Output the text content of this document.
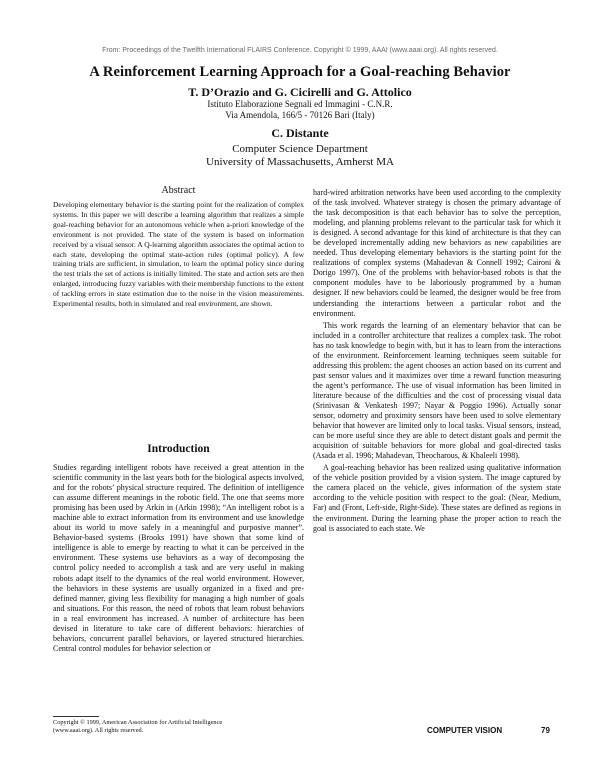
From: Proceedings of the Twelfth International FLAIRS Conference. Copyright © 1999, AAAI (www.aaai.org). All rights reserved.
A Reinforcement Learning Approach for a Goal-reaching Behavior
T. D’Orazio and G. Cicirelli and G. Attolico
Istituto Elaborazione Segnali ed Immagini - C.N.R.
Via Amendola, 166/5 - 70126 Bari (Italy)
C. Distante
Computer Science Department
University of Massachusetts, Amherst MA
Abstract

Developing elementary behavior is the starting point for the realization of complex systems. In this paper we will describe a learning algorithm that realizes a simple goal-reaching behavior for an autonomous vehicle when a-priori knowledge of the environment is not provided. The state of the system is based on information received by a visual sensor. A Q-learning algorithm associates the optimal action to each state, developing the optimal state-action rules (optimal policy). A few training trials are sufficient, in simulation, to learn the optimal policy since during the test trials the set of actions is initially limited. The state and action sets are then enlarged, introducing fuzzy variables with their membership functions to the extent of tackling errors in state estimation due to the noise in the vision measurements. Experimental results, both in simulated and real environment, are shown.

Introduction

Studies regarding intelligent robots have received a great attention in the scientific community in the last years both for the biological aspects involved, and for the robots’ physical structure required. The definition of intelligence can assume different meanings in the robotic field. The one that seems more promising has been used by Arkin in (Arkin 1998); “An intelligent robot is a machine able to extract information from its environment and use knowledge about its world to move safely in a meaningful and purposive manner”. Behavior-based systems (Brooks 1991) have shown that some kind of intelligence is able to emerge by reacting to what it can be perceived in the environment. These systems use behaviors as a way of decomposing the control policy needed to accomplish a task and are very useful in making robots adapt itself to the dynamics of the real world environment. However, the behaviors in these systems are usually organized in a fixed and pre-defined manner, giving less flexibility for managing a high number of goals and situations. For this reason, the need of robots that learn robust behaviors in a real environment has increased. A number of architecture has been devised in literature to take care of different behaviors: hierarchies of behaviors, concurrent parallel behaviors, or layered structured hierarchies. Central control modules for behavior selection or

hard-wired arbitration networks have been used according to the complexity of the task involved. Whatever strategy is chosen the primary advantage of the task decomposition is that each behavior has to solve the perception, modeling, and planning problems relevant to the particular task for which it is designed. A second advantage for this kind of architecture is that they can be developed incrementally adding new behaviors as new capabilities are needed. Thus developing elementary behaviors is the starting point for the realizations of complex systems (Mahadevan & Connell 1992; Caironi & Dorigo 1997). One of the problems with behavior-based robots is that the component modules have to be laboriously programmed by a human designer. If new behaviors could be learned, the designer would be free from understanding the interactions between a particular robot and the environment.

This work regards the learning of an elementary behavior that can be included in a controller architecture that realizes a complex task. The robot has no task knowledge to begin with, but it has to learn from the interactions of the environment. Reinforcement learning techniques seem suitable for addressing this problem: the agent chooses an action based on its current and past sensor values and it maximizes over time a reward function measuring the agent’s performance. The use of visual information has been limited in literature because of the difficulties and the cost of processing visual data (Srinivasan & Venkatesh 1997; Nayar & Poggio 1996). Actually sonar sensor, odometry and proximity sensors have been used to solve elementary behavior that however are limited only to local tasks. Visual sensors, instead, can be more useful since they are able to detect distant goals and permit the acquisition of suitable behaviors for more global and goal-directed tasks (Asada et al. 1996; Mahadevan, Theocharous, & Khaleeli 1998).

A goal-reaching behavior has been realized using qualitative information of the vehicle position provided by a vision system. The image captured by the camera placed on the vehicle, gives information of the system state according to the vehicle position with respect to the goal: (Near, Medium, Far) and (Front, Left-side, Right-Side). These states are defined as regions in the environment. During the learning phase the proper action to reach the goal is associated to each state. We

Copyright © 1999, American Association for Artificial Intelligence
(www.aaai.org). All rights reserved.	COMPUTER VISION	79
